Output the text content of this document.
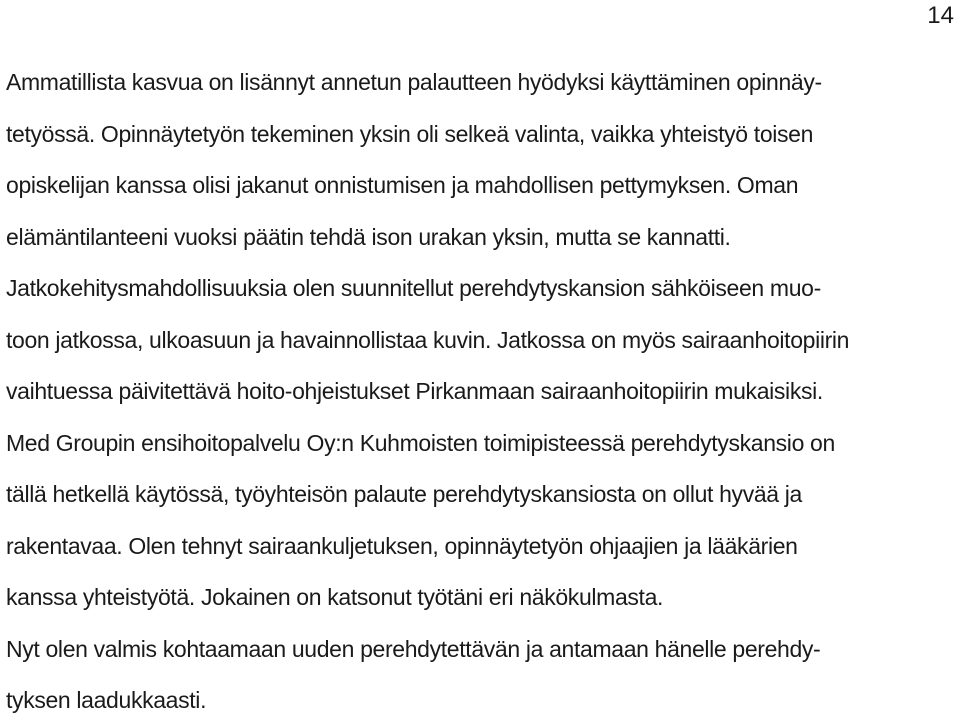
14
Ammatillista kasvua on lisännyt annetun palautteen hyödyksi käyttäminen opinnäy-
tetyössä. Opinnäytetyön tekeminen yksin oli selkeä valinta, vaikka yhteistyö toisen
opiskelijan kanssa olisi jakanut onnistumisen ja mahdollisen pettymyksen. Oman
elämäntilanteeni vuoksi päätin tehdä ison urakan yksin, mutta se kannatti.
Jatkokehitysmahdollisuuksia olen suunnitellut perehdytyskansion sähköiseen muo-
toon jatkossa, ulkoasuun ja havainnollistaa kuvin. Jatkossa on myös sairaanhoitopiirin
vaihtuessa päivitettävä hoito-ohjeistukset Pirkanmaan sairaanhoitopiirin mukaisiksi.
Med Groupin ensihoitopalvelu Oy:n Kuhmoisten toimipisteessä perehdytyskansio on
tällä hetkellä käytössä, työyhteisön palaute perehdytyskansiosta on ollut hyvää ja
rakentavaa. Olen tehnyt sairaankuljetuksen, opinnäytetyön ohjaajien ja lääkärien
kanssa yhteistyötä. Jokainen on katsonut työtäni eri näkökulmasta.
Nyt olen valmis kohtaamaan uuden perehdytettävän ja antamaan hänelle perehdy-
tyksen laadukkaasti.
